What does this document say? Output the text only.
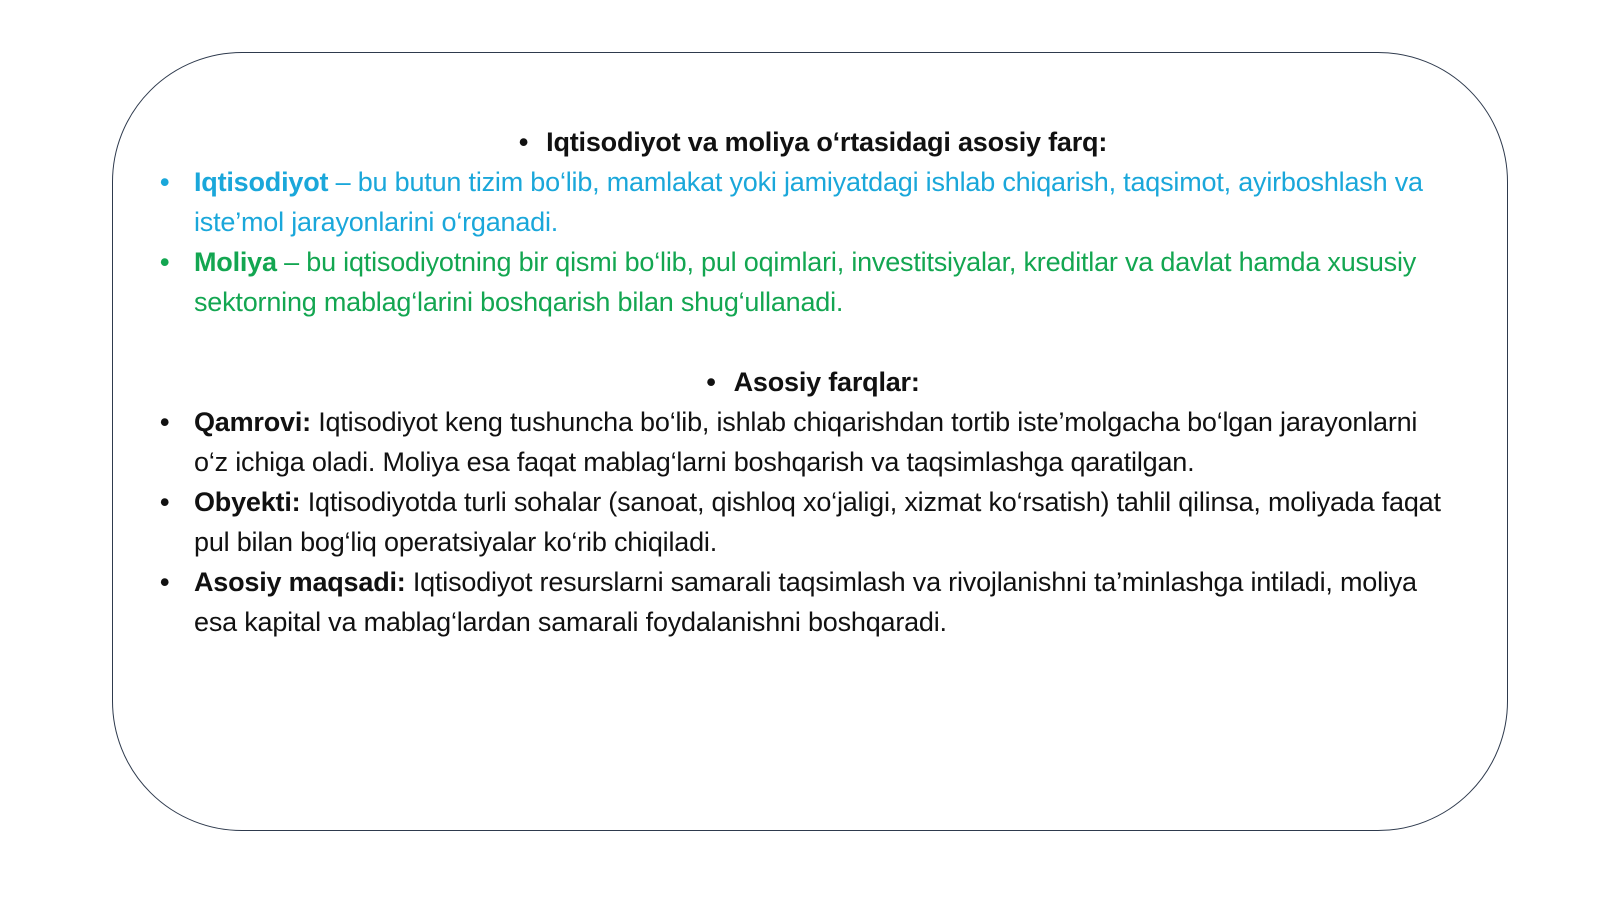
• Iqtisodiyot va moliya o‘rtasidagi asosiy farq:

• Iqtisodiyot – bu butun tizim bo‘lib, mamlakat yoki jamiyatdagi ishlab chiqarish, taqsimot, ayirboshlash va iste’mol jarayonlarini o‘rganadi.
• Moliya – bu iqtisodiyotning bir qismi bo‘lib, pul oqimlari, investitsiyalar, kreditlar va davlat hamda xususiy sektorning mablag‘larini boshqarish bilan shug‘ullanadi.

• Asosiy farqlar:

• Qamrovi: Iqtisodiyot keng tushuncha bo‘lib, ishlab chiqarishdan tortib iste’molgacha bo‘lgan jarayonlarni o‘z ichiga oladi. Moliya esa faqat mablag‘larni boshqarish va taqsimlashga qaratilgan.
• Obyekti: Iqtisodiyotda turli sohalar (sanoat, qishloq xo‘jaligi, xizmat ko‘rsatish) tahlil qilinsa, moliyada faqat pul bilan bog‘liq operatsiyalar ko‘rib chiqiladi.
• Asosiy maqsadi: Iqtisodiyot resurslarni samarali taqsimlash va rivojlanishni ta’minlashga intiladi, moliya esa kapital va mablag‘lardan samarali foydalanishni boshqaradi.
